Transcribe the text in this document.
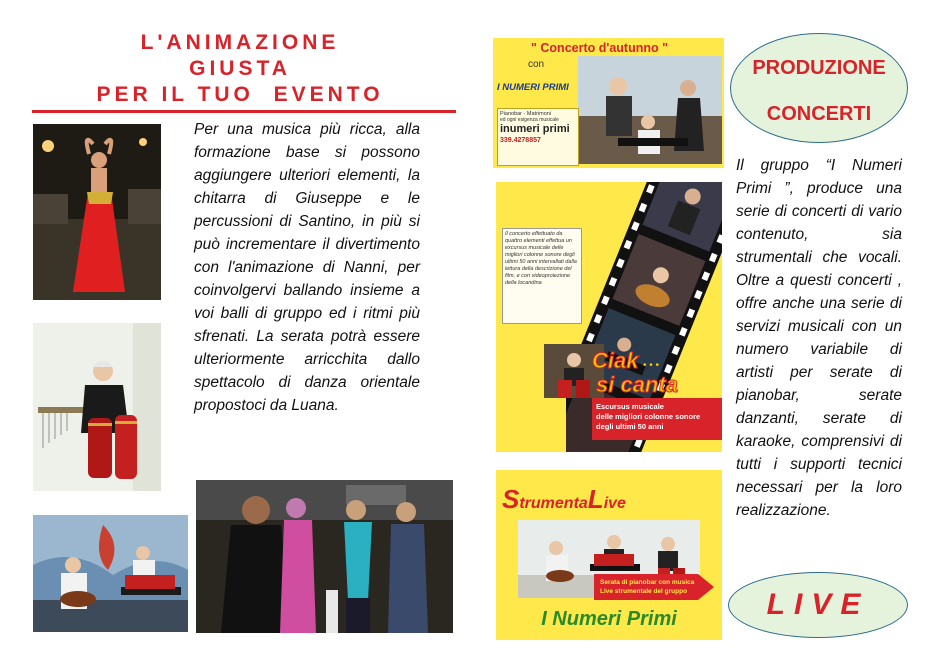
L'ANIMAZIONE
GIUSTA
PER IL TUO  EVENTO
Per una musica più ricca, alla formazione base si possono aggiungere ulteriori elementi, la chitarra di Giuseppe e le percussioni di Santino, in più si può incrementare il divertimento con l'animazione di Nanni, per coinvolgervi ballando insieme a voi balli di gruppo ed i ritmi più sfrenati. La serata potrà essere ulteriormente arricchita dallo spettacolo di danza orientale propostoci da Luana.
" Concerto d'autunno "
con
I NUMERI PRIMI
Pianobar - Matrimoni
ed ogni esigenza musicale
inumeri primi
339.4278857
Il concerto effettuato da quattro elementi effettua un excursus musicale delle migliori colonne sonore degli ultimi 50 anni intervallati dalla lettura della descrizione del film, e con videoproiezione della locandina
Ciak • • •
si canta
Escursus musicale
delle migliori colonne sonore
degli ultimi 50 anni
StrumentaLive
Serata di pianobar con musica
Live strumentale del gruppo
I Numeri Primi
PRODUZIONE
CONCERTI
Il gruppo “I Numeri Primi ”, produce una serie di concerti di vario contenuto, sia strumentali che vocali. Oltre a questi concerti , offre anche una serie di servizi musicali con un numero variabile di artisti per serate di pianobar, serate danzanti, serate di karaoke, comprensivi di tutti i supporti tecnici necessari per la loro realizzazione.
LIVE
